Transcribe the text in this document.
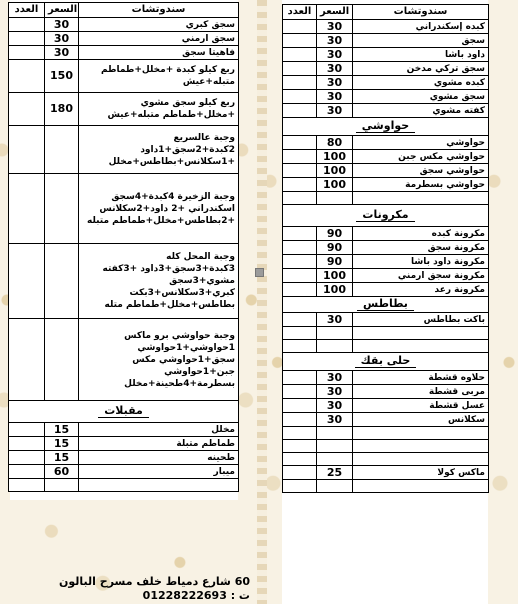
العدد	السعر	سندوتشات
	30	سجق كبري
	30	سجق ارمني
	30	فاهيتا سجق
	150	ربع كيلو كبدة +مخلل+طماطم متبله+عيش
	180	ربع كيلو سجق مشوي +مخلل+طماطم متبله+عيش
		وجبة عالسريع 2كبدة+2سجق+1داود +1سكلانس+بطاطس+مخلل
		وجبة الزخيرة 4كبدة+4سجق اسكندراني +2 داود+2سكلانس +2بطاطس+مخلل+طماطم متبله
		وجبة المحل كله 3كبدة+3سجق+3داود +3كفته مشوي+3سجق كبري+3سكلانس+3بكت بطاطس+مخلل+طماطم متله
		وجبة حواوشي برو ماكس 1حواوشي+1حواوشي سجق+1حواوشي مكس جبن+1حواوشي بسطرمة+4طحينة+مخلل
مقبلات		
	15	مخلل
	15	طماطم متبلة
	15	طحينه
	60	ميبار

العدد	السعر	سندوتشات
	30	كبده إسكندراني
	30	سجق
	30	داود باشا
	30	سجق تركي مدخن
	30	كبده مشوي
	30	سجق مشوي
	30	كفته مشوي
حواوشي		
	80	حواوشي
	100	حواوشي مكس جبن
	100	حواوشي سجق
	100	حواوشي بسطرمة

مكرونات		
	90	مكرونة كبده
	90	مكرونة سجق
	90	مكرونة داود باشا
	100	مكرونة سجق ارمني
	100	مكرونة رعد
بطاطس		
	30	باكت بطاطس

حلى بقك		
	30	حلاوه قشطة
	30	مربى قشطة
	30	عسل قشطة
	30	سكلانس

	25	ماكس كولا

60 شارع دمياط خلف مسرح البالون
ت : 01228222693
